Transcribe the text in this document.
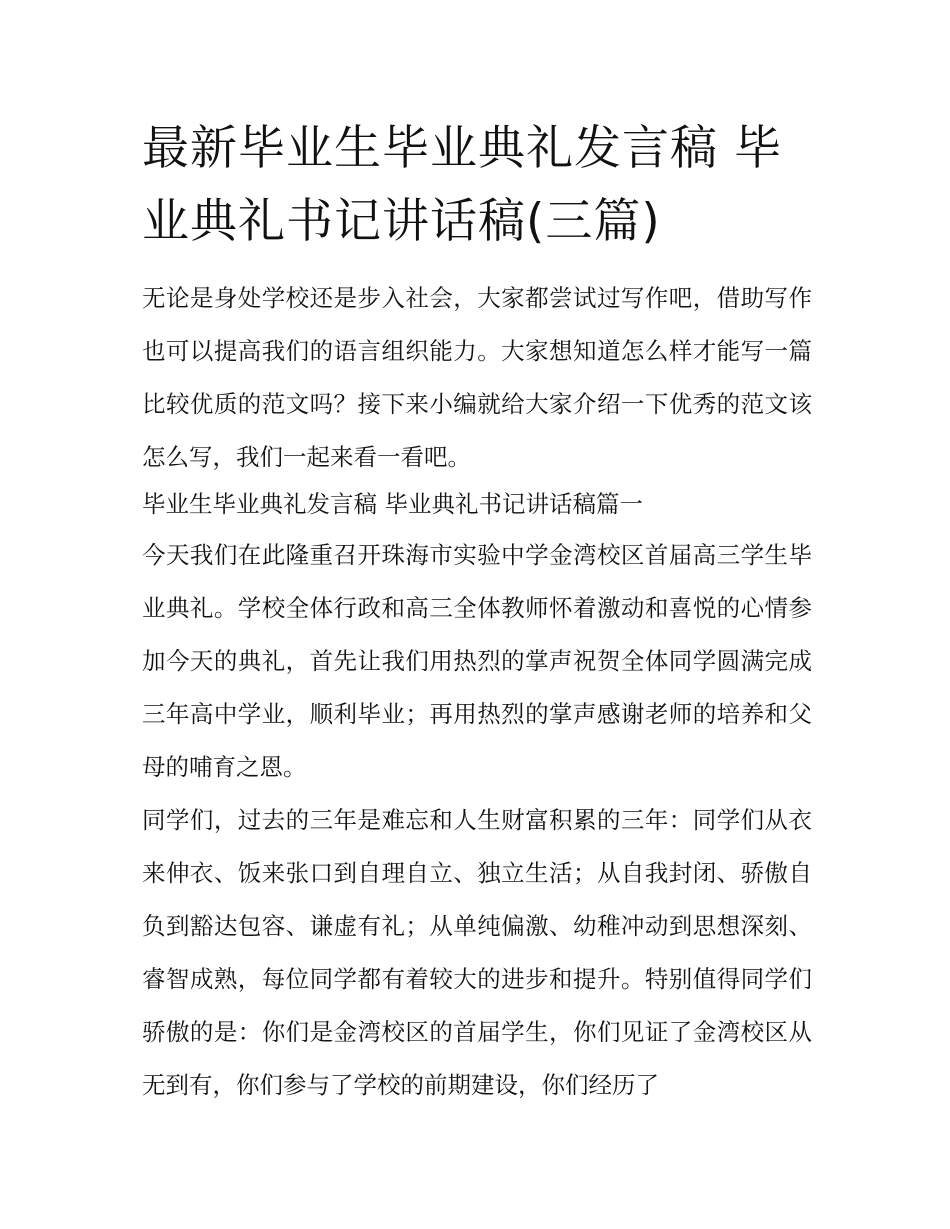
最新毕业生毕业典礼发言稿 毕业典礼书记讲话稿(三篇)

无论是身处学校还是步入社会，大家都尝试过写作吧，借助写作也可以提高我们的语言组织能力。大家想知道怎么样才能写一篇比较优质的范文吗？接下来小编就给大家介绍一下优秀的范文该怎么写，我们一起来看一看吧。

毕业生毕业典礼发言稿 毕业典礼书记讲话稿篇一

今天我们在此隆重召开珠海市实验中学金湾校区首届高三学生毕业典礼。学校全体行政和高三全体教师怀着激动和喜悦的心情参加今天的典礼，首先让我们用热烈的掌声祝贺全体同学圆满完成三年高中学业，顺利毕业；再用热烈的掌声感谢老师的培养和父母的哺育之恩。

同学们，过去的三年是难忘和人生财富积累的三年：同学们从衣来伸衣、饭来张口到自理自立、独立生活；从自我封闭、骄傲自负到豁达包容、谦虚有礼；从单纯偏激、幼稚冲动到思想深刻、睿智成熟，每位同学都有着较大的进步和提升。特别值得同学们骄傲的是：你们是金湾校区的首届学生，你们见证了金湾校区从无到有，你们参与了学校的前期建设，你们经历了
